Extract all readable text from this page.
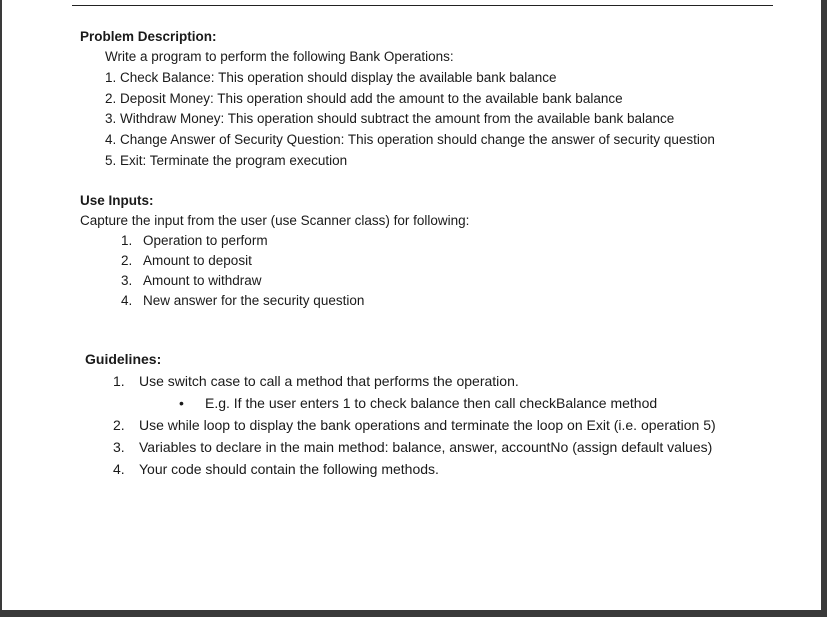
Problem Description:
Write a program to perform the following Bank Operations:
1. Check Balance: This operation should display the available bank balance
2. Deposit Money: This operation should add the amount to the available bank balance
3. Withdraw Money: This operation should subtract the amount from the available bank balance
4. Change Answer of Security Question: This operation should change the answer of security question
5. Exit: Terminate the program execution
Use Inputs:
Capture the input from the user (use Scanner class) for following:
1. Operation to perform
2. Amount to deposit
3. Amount to withdraw
4. New answer for the security question
Guidelines:
1. Use switch case to call a method that performs the operation.
• E.g. If the user enters 1 to check balance then call checkBalance method
2. Use while loop to display the bank operations and terminate the loop on Exit (i.e. operation 5)
3. Variables to declare in the main method: balance, answer, accountNo (assign default values)
4. Your code should contain the following methods.
